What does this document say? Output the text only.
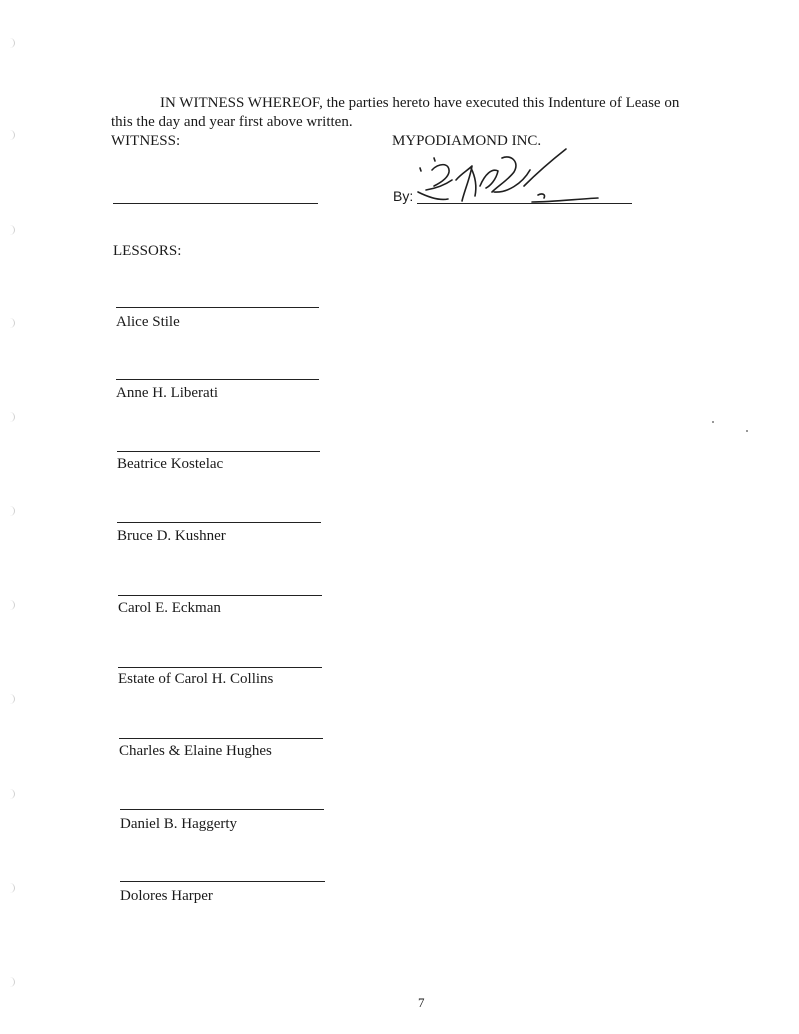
IN WITNESS WHEREOF, the parties hereto have executed this Indenture of Lease on
this the day and year first above written.
WITNESS:	MYPODIAMOND INC.
By:
LESSORS:
Alice Stile
Anne H. Liberati
Beatrice Kostelac
Bruce D. Kushner
Carol E. Eckman
Estate of Carol H. Collins
Charles & Elaine Hughes
Daniel B. Haggerty
Dolores Harper
7
